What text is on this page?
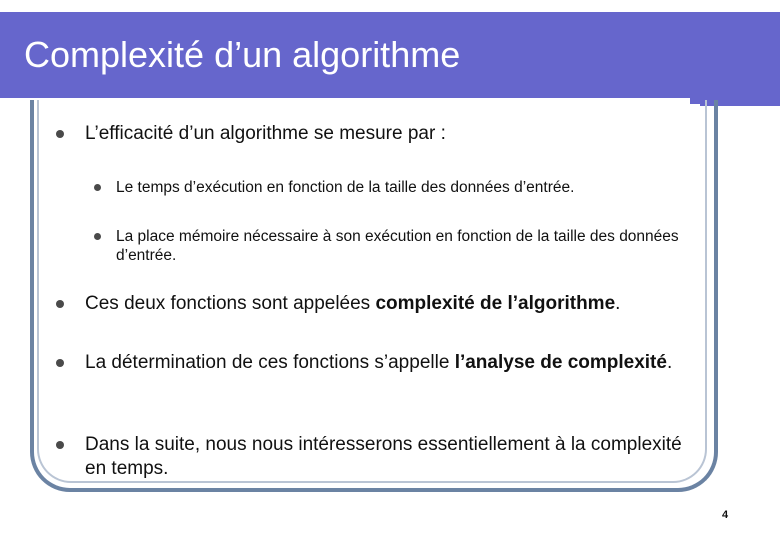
Complexité d’un algorithme
L’efficacité d’un algorithme se mesure par :
Le temps d’exécution en fonction de la taille des données d’entrée.
La place mémoire nécessaire à son exécution en fonction de la taille des données d’entrée.
Ces deux fonctions sont appelées complexité de l’algorithme.
La détermination de ces fonctions s’appelle l’analyse de complexité.
Dans la suite, nous nous intéresserons essentiellement à la complexité en temps.
4
